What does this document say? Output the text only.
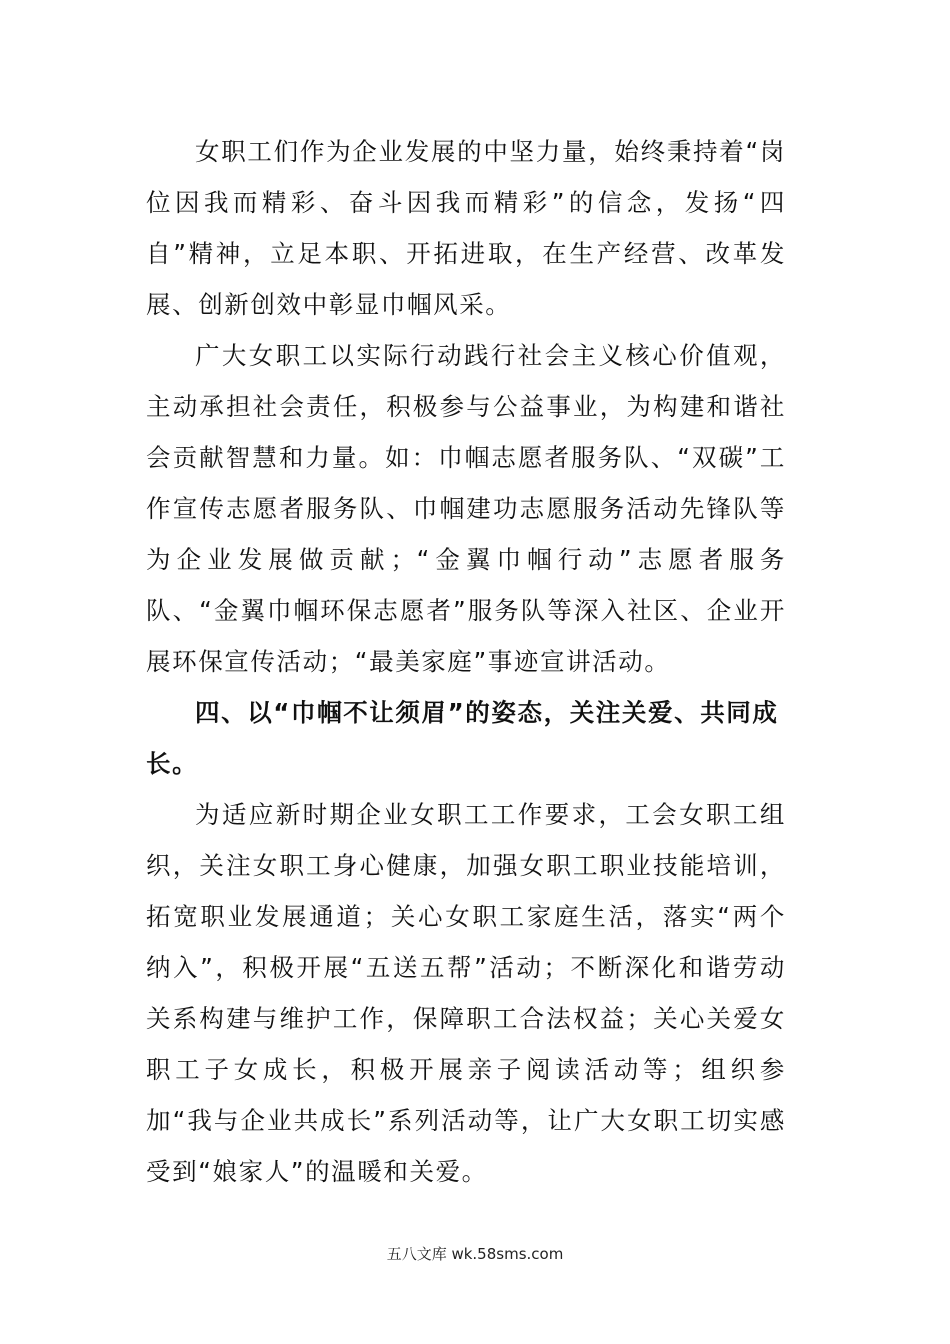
女职工们作为企业发展的中坚力量，始终秉持着“岗位因我而精彩、奋斗因我而精彩”的信念，发扬“四自”精神，立足本职、开拓进取，在生产经营、改革发展、创新创效中彰显巾帼风采。

广大女职工以实际行动践行社会主义核心价值观，主动承担社会责任，积极参与公益事业，为构建和谐社会贡献智慧和力量。如：巾帼志愿者服务队、“双碳”工作宣传志愿者服务队、巾帼建功志愿服务活动先锋队等为企业发展做贡献；“金翼巾帼行动”志愿者服务队、“金翼巾帼环保志愿者”服务队等深入社区、企业开展环保宣传活动；“最美家庭”事迹宣讲活动。

四、以“巾帼不让须眉”的姿态，关注关爱、共同成长。

为适应新时期企业女职工工作要求，工会女职工组织，关注女职工身心健康，加强女职工职业技能培训，拓宽职业发展通道；关心女职工家庭生活，落实“两个纳入”，积极开展“五送五帮”活动；不断深化和谐劳动关系构建与维护工作，保障职工合法权益；关心关爱女职工子女成长，积极开展亲子阅读活动等；组织参加“我与企业共成长”系列活动等，让广大女职工切实感受到“娘家人”的温暖和关爱。

五八文库 wk.58sms.com
